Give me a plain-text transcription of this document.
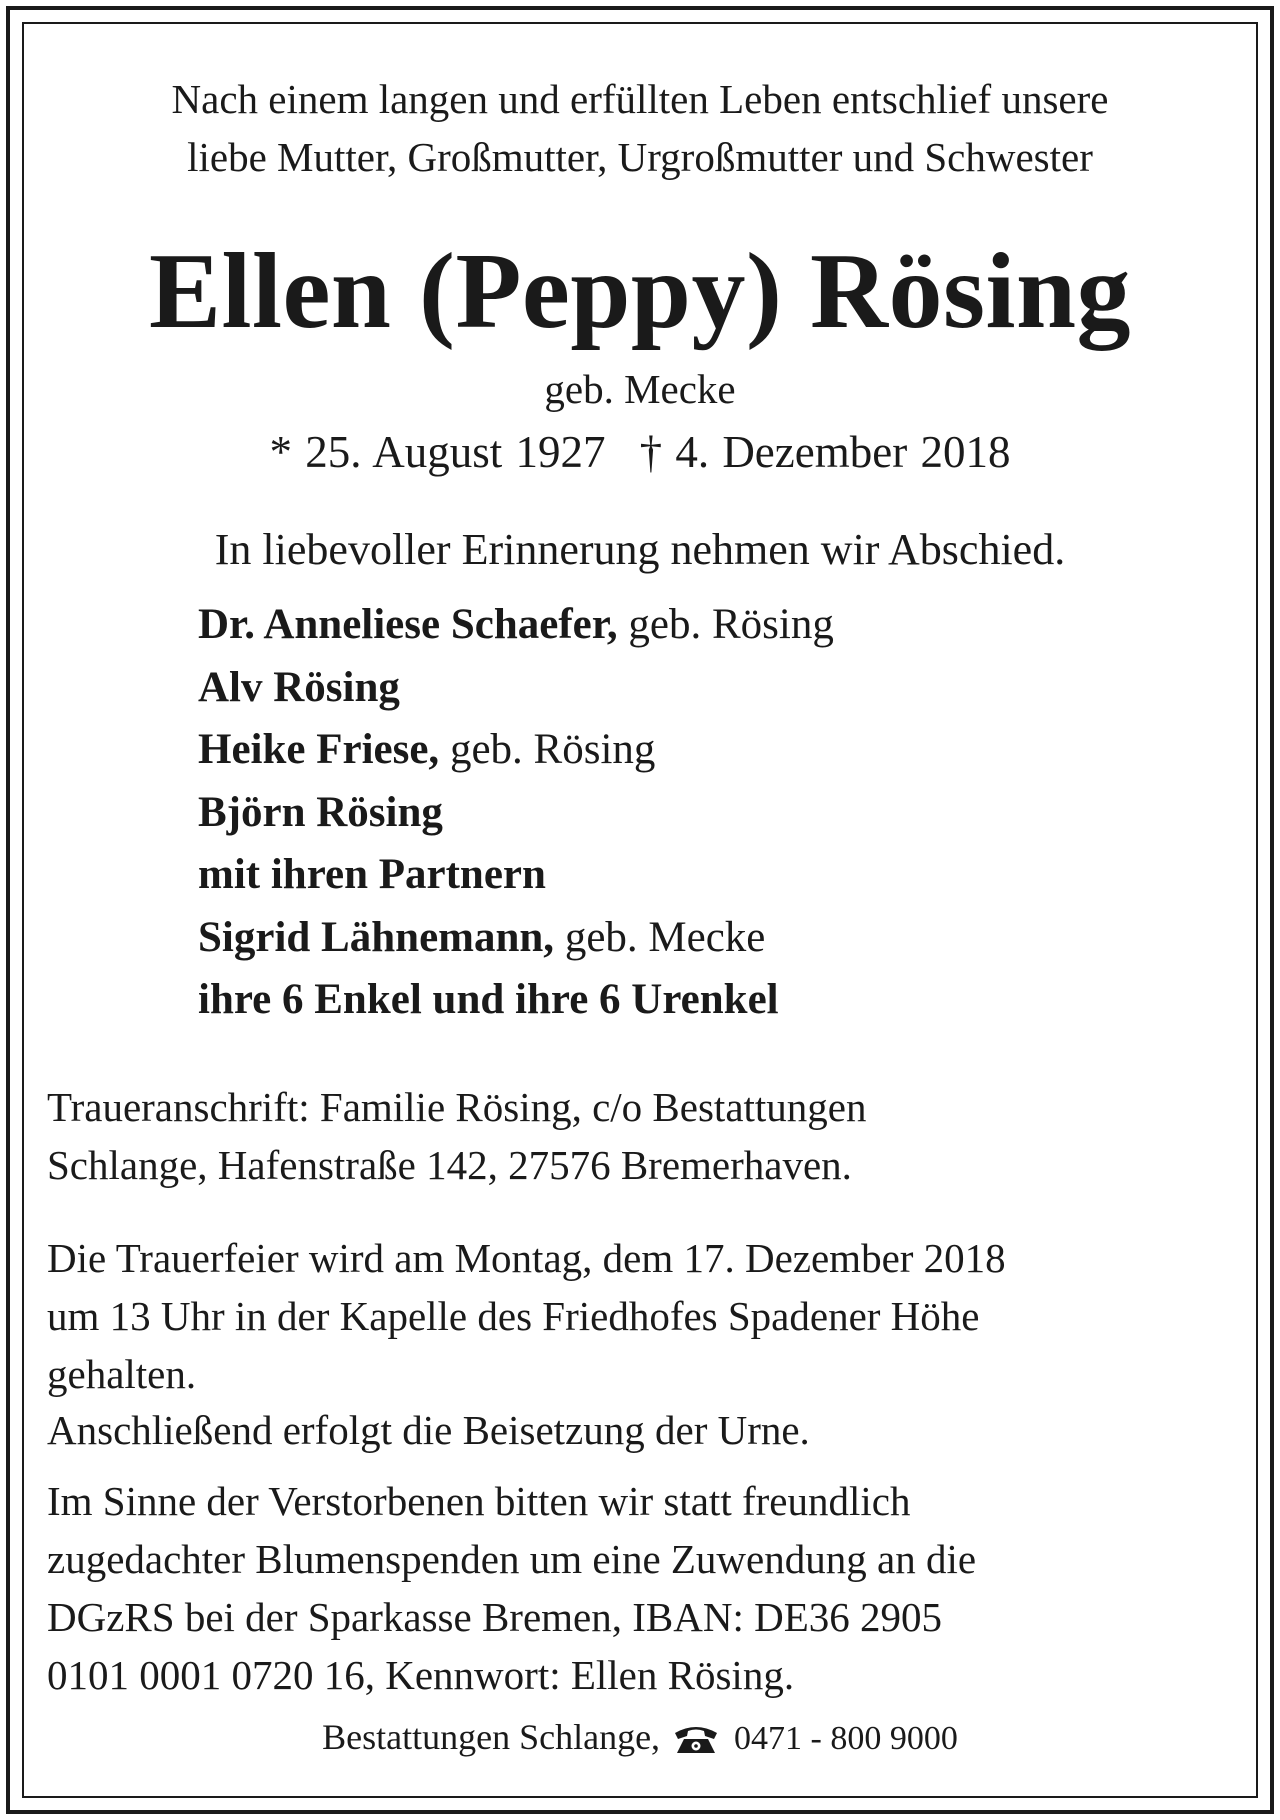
Nach einem langen und erfüllten Leben entschlief unsere
liebe Mutter, Großmutter, Urgroßmutter und Schwester
Ellen (Peppy) Rösing
geb. Mecke
* 25. August 1927 † 4. Dezember 2018
In liebevoller Erinnerung nehmen wir Abschied.
Dr. Anneliese Schaefer, geb. Rösing
Alv Rösing
Heike Friese, geb. Rösing
Björn Rösing
mit ihren Partnern
Sigrid Lähnemann, geb. Mecke
ihre 6 Enkel und ihre 6 Urenkel
Traueranschrift: Familie Rösing, c/o Bestattungen
Schlange, Hafenstraße 142, 27576 Bremerhaven.
Die Trauerfeier wird am Montag, dem 17. Dezember 2018
um 13 Uhr in der Kapelle des Friedhofes Spadener Höhe
gehalten.
Anschließend erfolgt die Beisetzung der Urne.
Im Sinne der Verstorbenen bitten wir statt freundlich
zugedachter Blumenspenden um eine Zuwendung an die
DGzRS bei der Sparkasse Bremen, IBAN: DE36 2905
0101 0001 0720 16, Kennwort: Ellen Rösing.
Bestattungen Schlange, 0471 - 800 9000
